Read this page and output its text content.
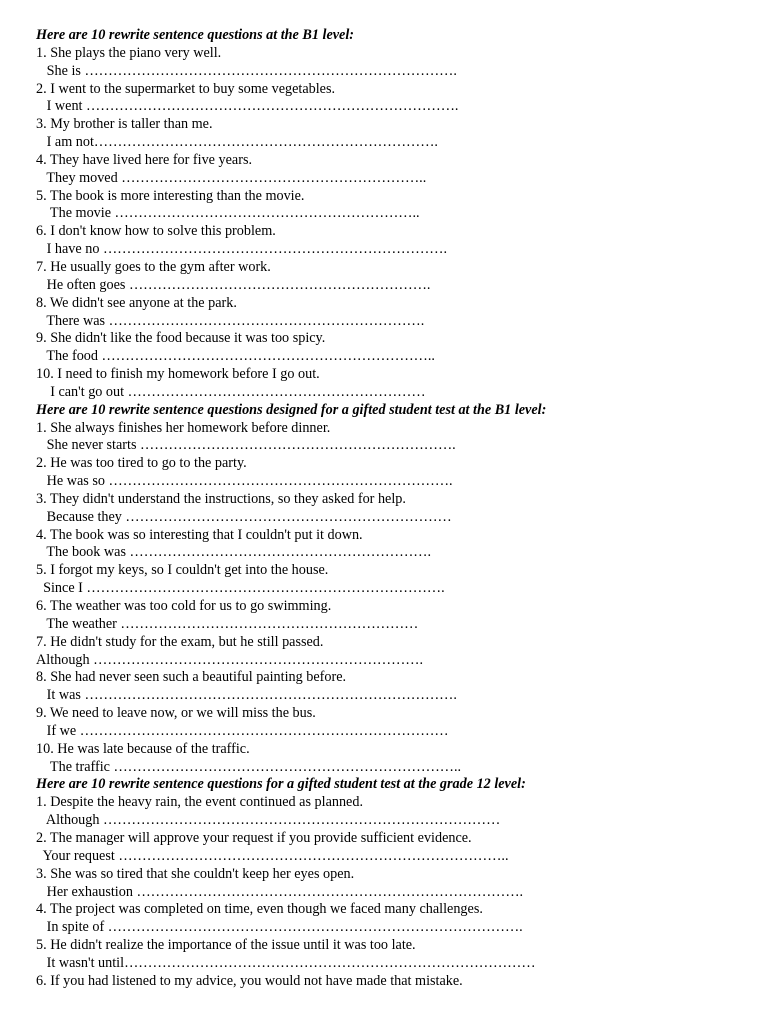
Here are 10 rewrite sentence questions at the B1 level:
1. She plays the piano very well.
She is …………………………………………………………………….
2. I went to the supermarket to buy some vegetables.
I went …………………………………………………………………….
3. My brother is taller than me.
I am not……………………………………………………………….
4. They have lived here for five years.
They moved ………………………………………………………..
5. The book is more interesting than the movie.
The movie ………………………………………………………..
6. I don't know how to solve this problem.
I have no ……………………………………………………………….
7. He usually goes to the gym after work.
He often goes ……………………………………………………….
8. We didn't see anyone at the park.
There was ………………………………………………………….
9. She didn't like the food because it was too spicy.
The food ……………………………………………………………..
10. I need to finish my homework before I go out.
I can't go out ………………………………………………………
Here are 10 rewrite sentence questions designed for a gifted student test at the B1 level:
1. She always finishes her homework before dinner.
She never starts ………………………………………………………….
2. He was too tired to go to the party.
He was so ……………………………………………………………….
3. They didn't understand the instructions, so they asked for help.
Because they ……………………………………………………………
4. The book was so interesting that I couldn't put it down.
The book was ……………………………………………………….
5. I forgot my keys, so I couldn't get into the house.
Since I ………………………………………………………………….
6. The weather was too cold for us to go swimming.
The weather ………………………………………………………
7. He didn't study for the exam, but he still passed.
Although …………………………………………………………….
8. She had never seen such a beautiful painting before.
It was …………………………………………………………………….
9. We need to leave now, or we will miss the bus.
If we ……………………………………………………………………
10. He was late because of the traffic.
The traffic ………………………………………………………………..
Here are 10 rewrite sentence questions for a gifted student test at the grade 12 level:
1. Despite the heavy rain, the event continued as planned.
Although …………………………………………………………………………
2. The manager will approve your request if you provide sufficient evidence.
Your request ………………………………………………………………………..
3. She was so tired that she couldn't keep her eyes open.
Her exhaustion ……………………………………………………………………….
4. The project was completed on time, even though we faced many challenges.
In spite of …………………………………………………………………………….
5. He didn't realize the importance of the issue until it was too late.
It wasn't until……………………………………………………………………………
6. If you had listened to my advice, you would not have made that mistake.
